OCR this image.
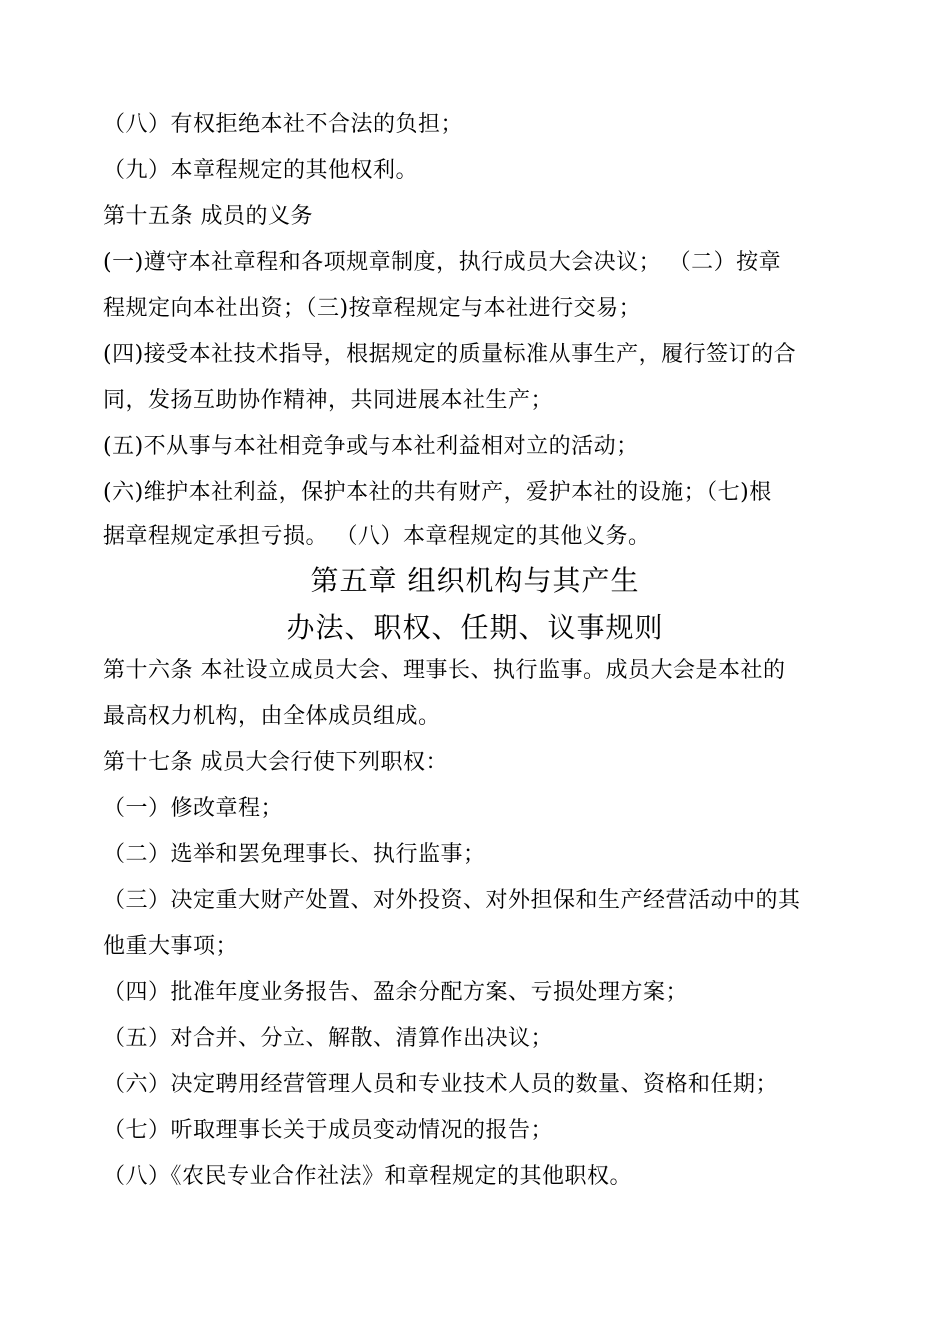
（八）有权拒绝本社不合法的负担；
（九）本章程规定的其他权利。
第十五条 成员的义务
(一)遵守本社章程和各项规章制度，执行成员大会决议； （二）按章
程规定向本社出资；（三)按章程规定与本社进行交易；
(四)接受本社技术指导，根据规定的质量标准从事生产，履行签订的合
同，发扬互助协作精神，共同进展本社生产；
(五)不从事与本社相竞争或与本社利益相对立的活动；
(六)维护本社利益，保护本社的共有财产，爱护本社的设施；（七)根
据章程规定承担亏损。 （八）本章程规定的其他义务。
第五章 组织机构与其产生
办法、职权、任期、议事规则
第十六条 本社设立成员大会、理事长、执行监事。成员大会是本社的
最高权力机构，由全体成员组成。
第十七条 成员大会行使下列职权：
（一）修改章程；
（二）选举和罢免理事长、执行监事；
（三）决定重大财产处置、对外投资、对外担保和生产经营活动中的其
他重大事项；
（四）批准年度业务报告、盈余分配方案、亏损处理方案；
（五）对合并、分立、解散、清算作出决议；
（六）决定聘用经营管理人员和专业技术人员的数量、资格和任期；
（七）听取理事长关于成员变动情况的报告；
（八）《农民专业合作社法》和章程规定的其他职权。
